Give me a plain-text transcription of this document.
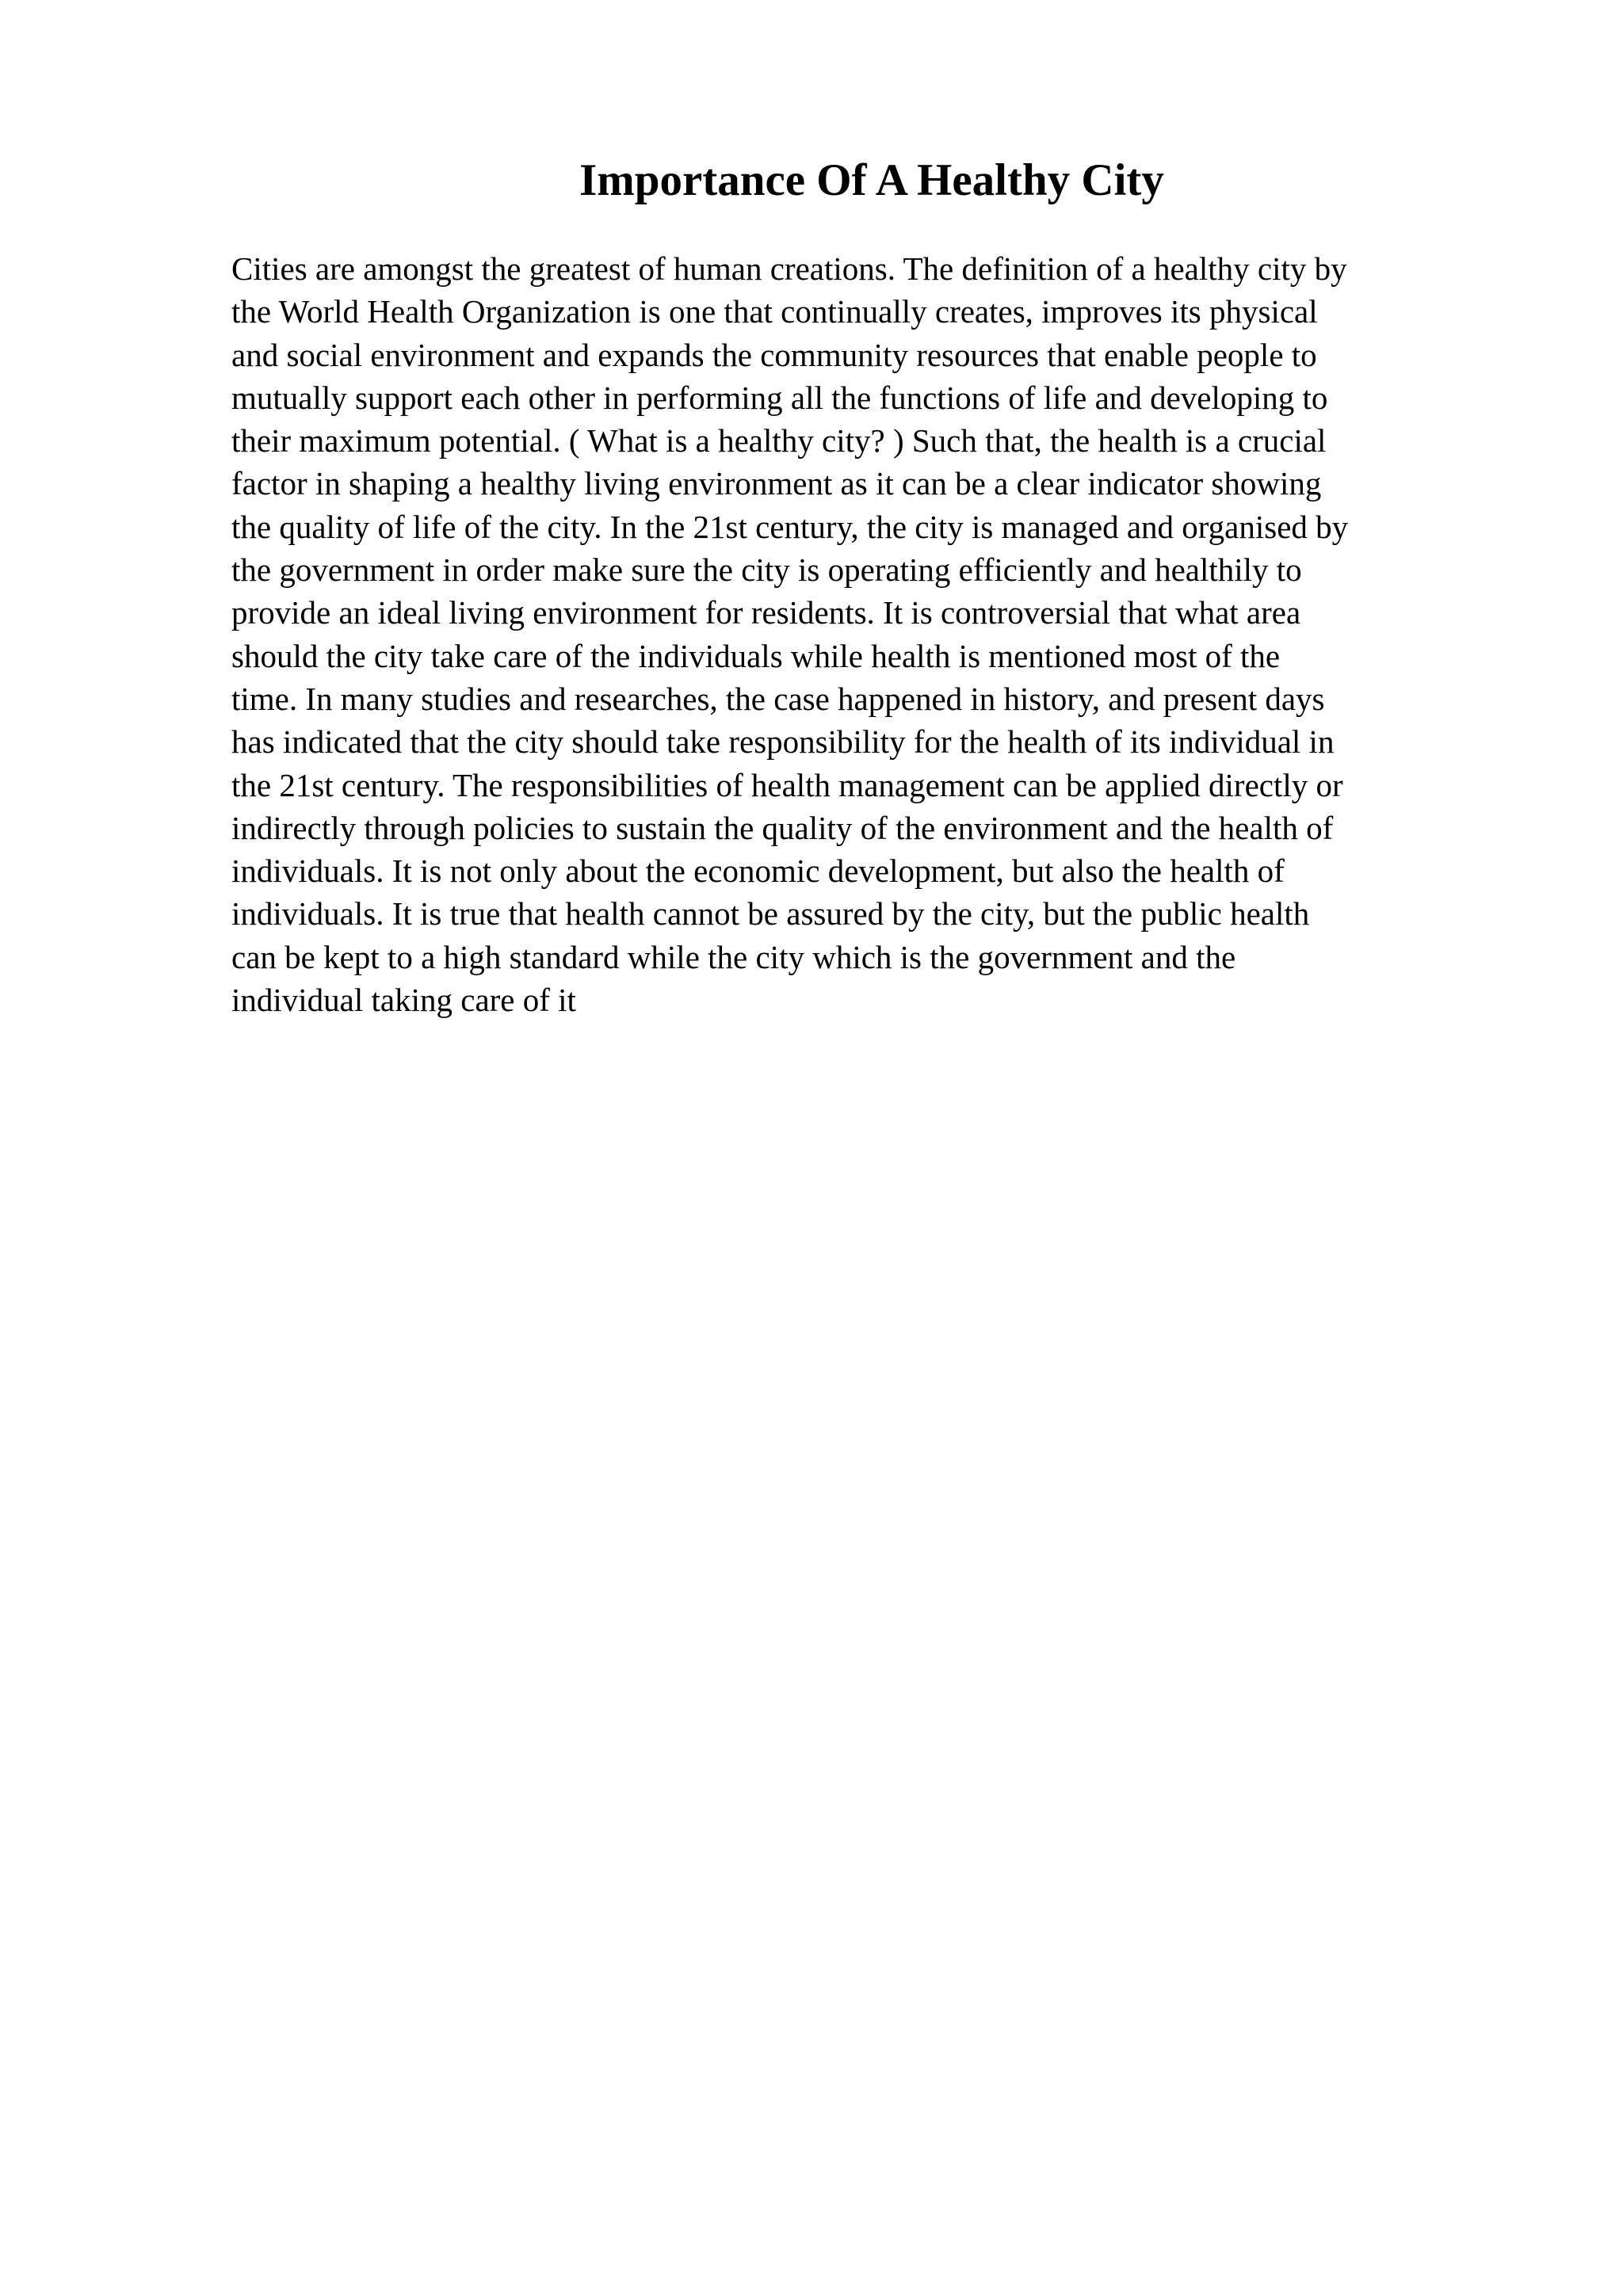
Importance Of A Healthy City
Cities are amongst the greatest of human creations. The definition of a healthy city by
the World Health Organization is one that continually creates, improves its physical
and social environment and expands the community resources that enable people to
mutually support each other in performing all the functions of life and developing to
their maximum potential. ( What is a healthy city? ) Such that, the health is a crucial
factor in shaping a healthy living environment as it can be a clear indicator showing
the quality of life of the city. In the 21st century, the city is managed and organised by
the government in order make sure the city is operating efficiently and healthily to
provide an ideal living environment for residents. It is controversial that what area
should the city take care of the individuals while health is mentioned most of the
time. In many studies and researches, the case happened in history, and present days
has indicated that the city should take responsibility for the health of its individual in
the 21st century. The responsibilities of health management can be applied directly or
indirectly through policies to sustain the quality of the environment and the health of
individuals. It is not only about the economic development, but also the health of
individuals. It is true that health cannot be assured by the city, but the public health
can be kept to a high standard while the city which is the government and the
individual taking care of it
